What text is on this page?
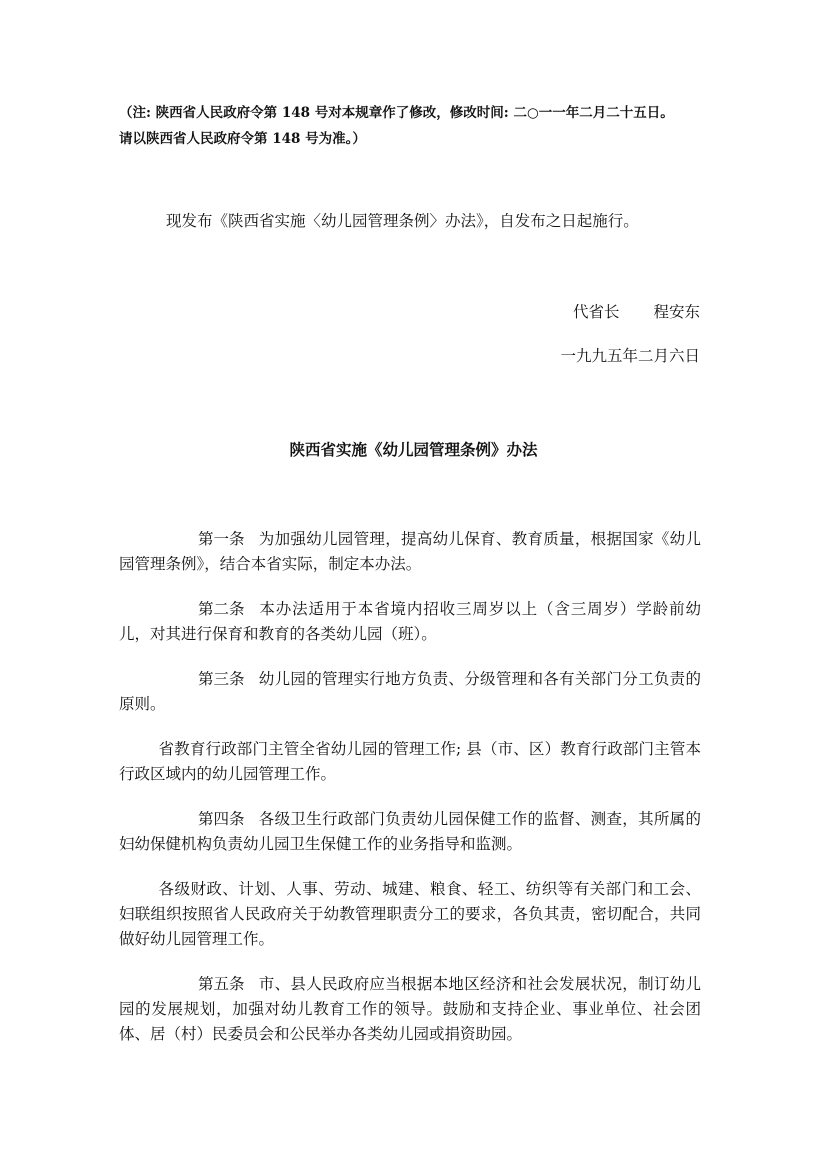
（注: 陕西省人民政府令第 148 号对本规章作了修改，修改时间: 二○一一年二月二十五日。
请以陕西省人民政府令第 148 号为准。）
现发布《陕西省实施〈幼儿园管理条例〉办法》，自发布之日起施行。
代省长 程安东
一九九五年二月六日
陕西省实施《幼儿园管理条例》办法

第一条 为加强幼儿园管理，提高幼儿保育、教育质量，根据国家《幼儿园管理条例》，结合本省实际，制定本办法。

第二条 本办法适用于本省境内招收三周岁以上（含三周岁）学龄前幼儿，对其进行保育和教育的各类幼儿园（班）。

第三条 幼儿园的管理实行地方负责、分级管理和各有关部门分工负责的原则。

省教育行政部门主管全省幼儿园的管理工作; 县（市、区）教育行政部门主管本行政区域内的幼儿园管理工作。

第四条 各级卫生行政部门负责幼儿园保健工作的监督、测查，其所属的妇幼保健机构负责幼儿园卫生保健工作的业务指导和监测。

各级财政、计划、人事、劳动、城建、粮食、轻工、纺织等有关部门和工会、妇联组织按照省人民政府关于幼教管理职责分工的要求，各负其责，密切配合，共同做好幼儿园管理工作。

第五条 市、县人民政府应当根据本地区经济和社会发展状况，制订幼儿园的发展规划，加强对幼儿教育工作的领导。鼓励和支持企业、事业单位、社会团体、居（村）民委员会和公民举办各类幼儿园或捐资助园。
